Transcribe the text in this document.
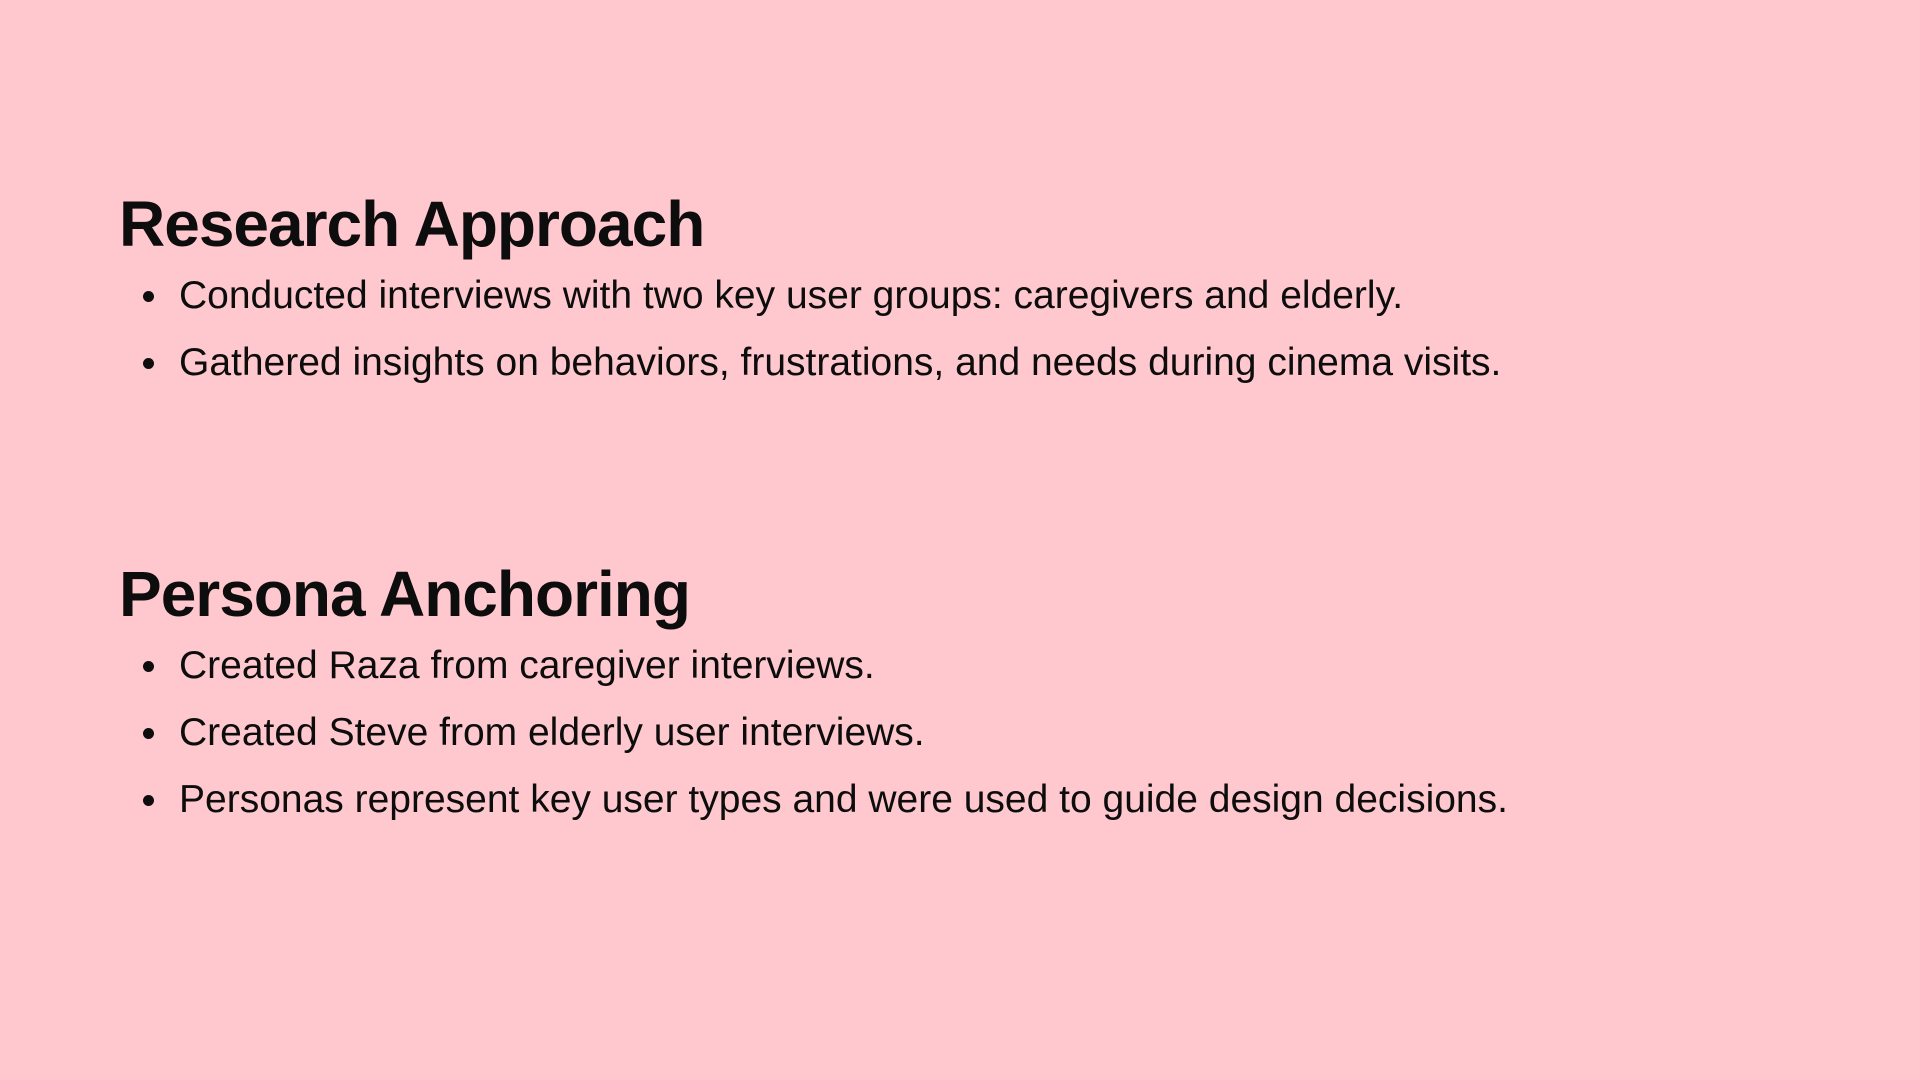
Research Approach
Conducted interviews with two key user groups: caregivers and elderly.
Gathered insights on behaviors, frustrations, and needs during cinema visits.
Persona Anchoring
Created Raza from caregiver interviews.
Created Steve from elderly user interviews.
Personas represent key user types and were used to guide design decisions.
